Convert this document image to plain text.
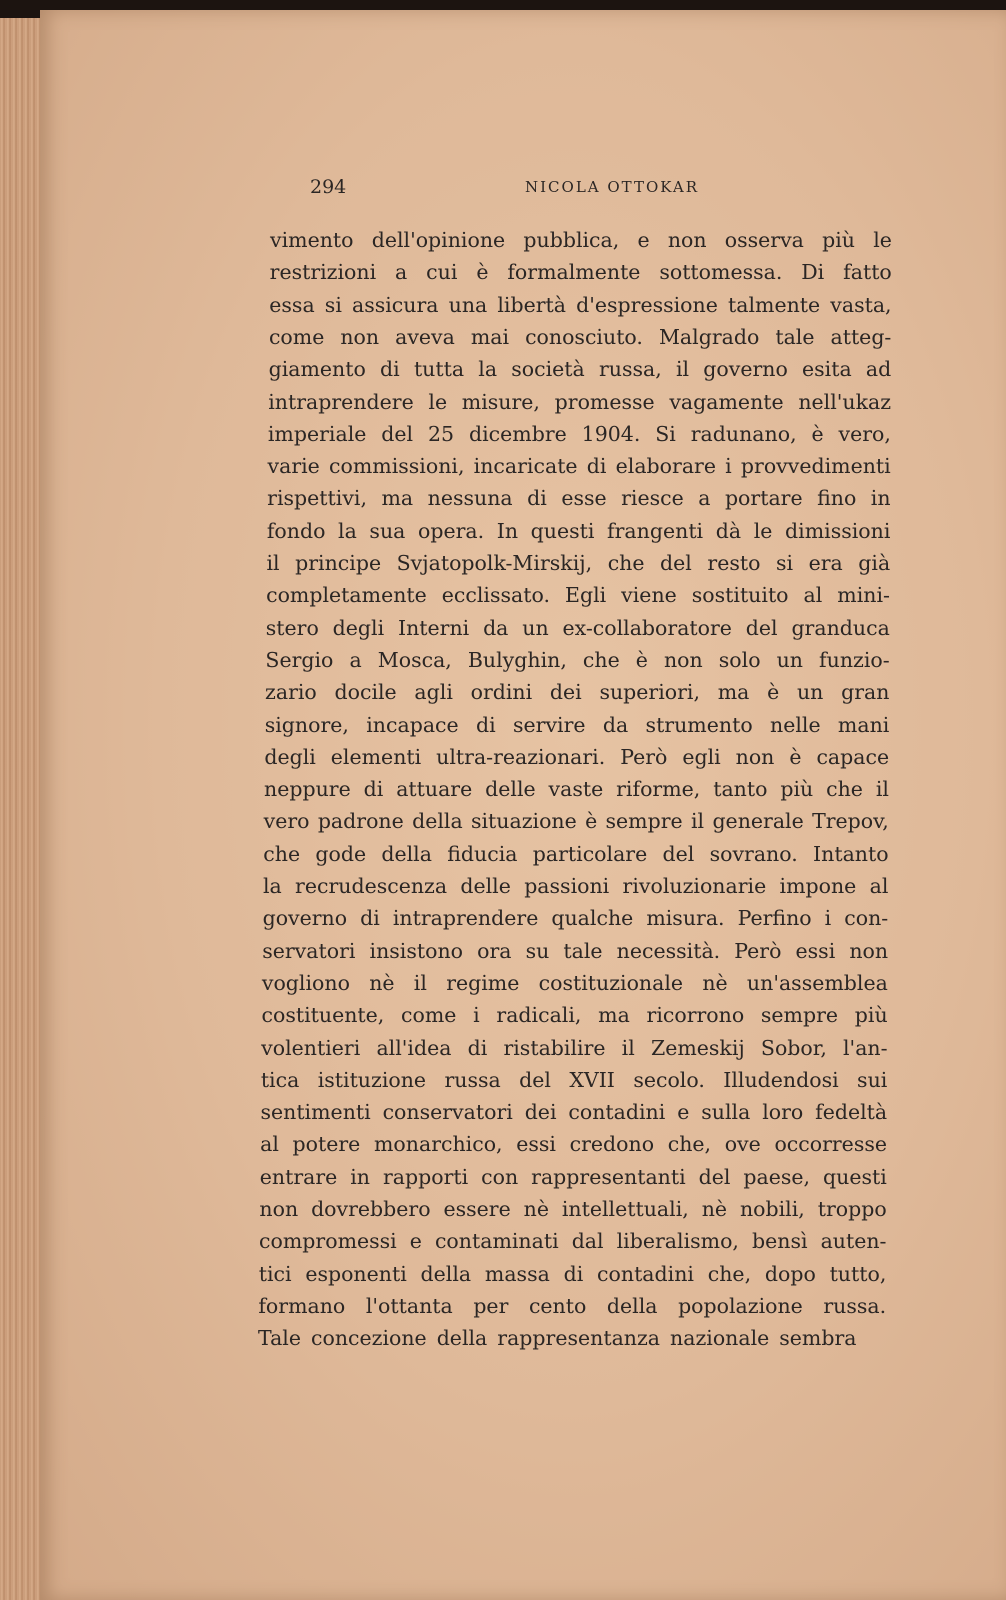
294	NICOLA OTTOKAR
vimento dell'opinione pubblica, e non osserva più le
restrizioni a cui è formalmente sottomessa. Di fatto
essa si assicura una libertà d'espressione talmente vasta,
come non aveva mai conosciuto. Malgrado tale atteg-
giamento di tutta la società russa, il governo esita ad
intraprendere le misure, promesse vagamente nell'ukaz
imperiale del 25 dicembre 1904. Si radunano, è vero,
varie commissioni, incaricate di elaborare i provvedimenti
rispettivi, ma nessuna di esse riesce a portare fino in
fondo la sua opera. In questi frangenti dà le dimissioni
il principe Svjatopolk-Mirskij, che del resto si era già
completamente ecclissato. Egli viene sostituito al mini-
stero degli Interni da un ex-collaboratore del granduca
Sergio a Mosca, Bulyghin, che è non solo un funzio-
zario docile agli ordini dei superiori, ma è un gran
signore, incapace di servire da strumento nelle mani
degli elementi ultra-reazionari. Però egli non è capace
neppure di attuare delle vaste riforme, tanto più che il
vero padrone della situazione è sempre il generale Trepov,
che gode della fiducia particolare del sovrano. Intanto
la recrudescenza delle passioni rivoluzionarie impone al
governo di intraprendere qualche misura. Perfino i con-
servatori insistono ora su tale necessità. Però essi non
vogliono nè il regime costituzionale nè un'assemblea
costituente, come i radicali, ma ricorrono sempre più
volentieri all'idea di ristabilire il Zemeskij Sobor, l'an-
tica istituzione russa del XVII secolo. Illudendosi sui
sentimenti conservatori dei contadini e sulla loro fedeltà
al potere monarchico, essi credono che, ove occorresse
entrare in rapporti con rappresentanti del paese, questi
non dovrebbero essere nè intellettuali, nè nobili, troppo
compromessi e contaminati dal liberalismo, bensì auten-
tici esponenti della massa di contadini che, dopo tutto,
formano l'ottanta per cento della popolazione russa.
Tale concezione della rappresentanza nazionale sembra
